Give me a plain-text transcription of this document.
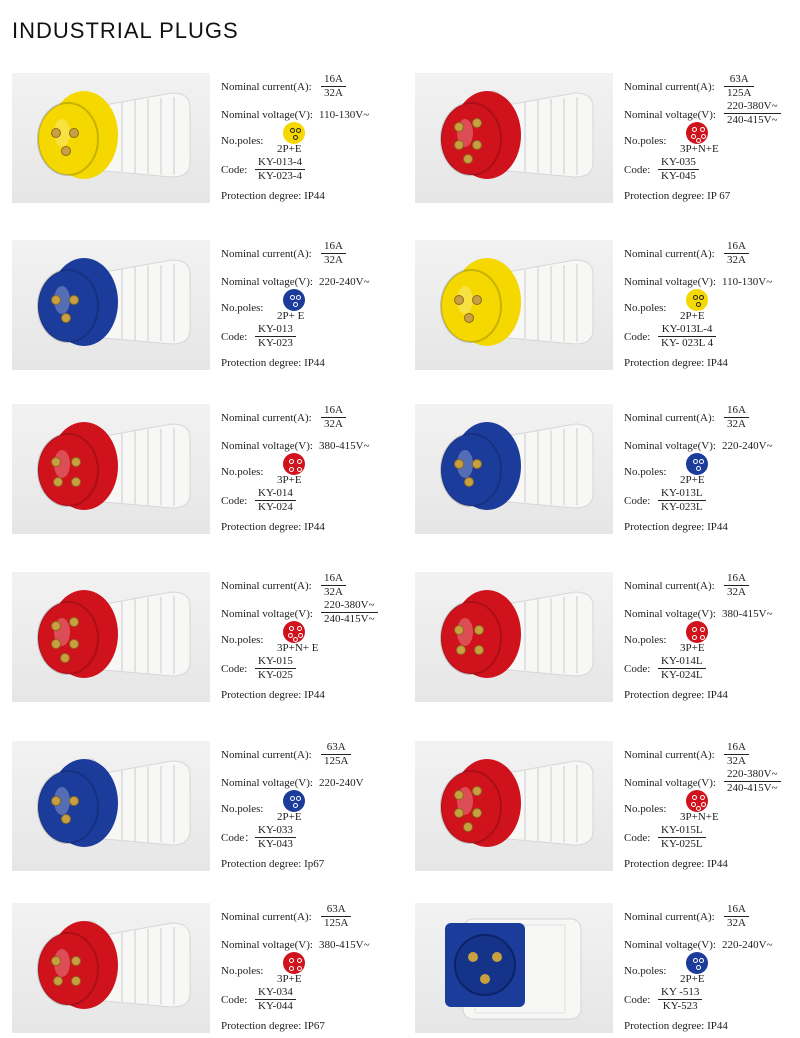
INDUSTRIAL PLUGS
Nominal current(A): $\frac{16A}{32A}$
Nominal voltage(V): 110-130V~
No.poles:
2P+E
Code: $\frac{KY-013-4}{KY-023-4}$
Protection degree: IP44
Nominal current(A): $\frac{63A}{125A}$
Nominal voltage(V): $\frac{220-380V\sim}{240-415V\sim}$
No.poles:
3P+N+E
Code: $\frac{KY-035}{KY-045}$
Protection degree: IP 67
Nominal current(A): $\frac{16A}{32A}$
Nominal voltage(V): 220-240V~
No.poles:
2P+ E
Code: $\frac{KY-013}{KY-023}$
Protection degree: IP44
Nominal current(A): $\frac{16A}{32A}$
Nominal voltage(V): 110-130V~
No.poles:
2P+E
Code: $\frac{KY-013L-4}{KY- 023L 4}$
Protection degree: IP44
Nominal current(A): $\frac{16A}{32A}$
Nominal voltage(V): 380-415V~
No.poles:
3P+E
Code: $\frac{KY-014}{KY-024}$
Protection degree: IP44
Nominal current(A): $\frac{16A}{32A}$
Nominal voltage(V): 220-240V~
No.poles:
2P+E
Code: $\frac{KY-013L}{KY-023L}$
Protection degree: IP44
Nominal current(A): $\frac{16A}{32A}$
Nominal voltage(V): $\frac{220-380V\sim}{240-415V\sim}$
No.poles:
3P+N+ E
Code: $\frac{KY-015}{KY-025}$
Protection degree: IP44
Nominal current(A): $\frac{16A}{32A}$
Nominal voltage(V): 380-415V~
No.poles:
3P+E
Code: $\frac{KY-014L}{KY-024L}$
Protection degree: IP44
Nominal current(A): $\frac{63A}{125A}$
Nominal voltage(V): 220-240V
No.poles:
2P+E
Code： $\frac{KY-033}{KY-043}$
Protection degree: Ip67
Nominal current(A): $\frac{16A}{32A}$
Nominal voltage(V): $\frac{220-380V\sim}{240-415V\sim}$
No.poles:
3P+N+E
Code: $\frac{KY-015L}{KY-025L}$
Protection degree: IP44
Nominal current(A): $\frac{63A}{125A}$
Nominal voltage(V): 380-415V~
No.poles:
3P+E
Code: $\frac{KY-034}{KY-044}$
Protection degree: IP67
Nominal current(A): $\frac{16A}{32A}$
Nominal voltage(V): 220-240V~
No.poles:
2P+E
Code: $\frac{KY -513}{KY-523}$
Protection degree: IP44
